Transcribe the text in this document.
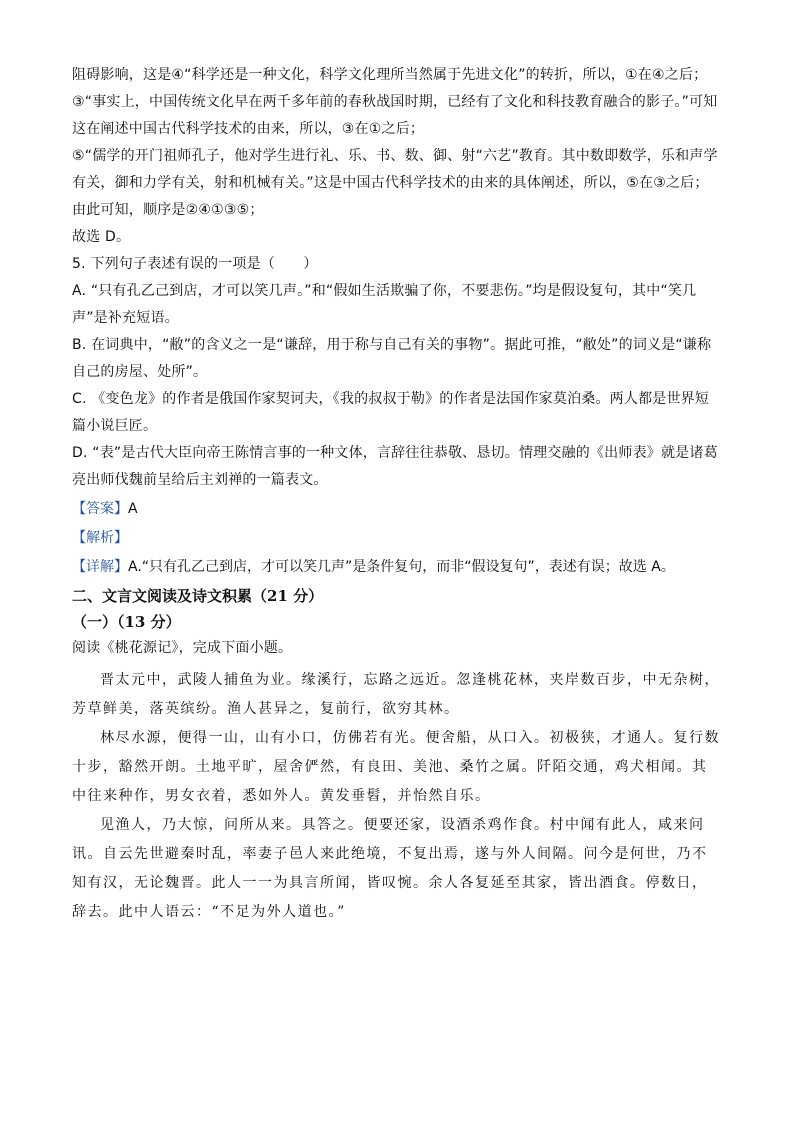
阻碍影响，这是④“科学还是一种文化，科学文化理所当然属于先进文化”的转折，所以，①在④之后；

③“事实上，中国传统文化早在两千多年前的春秋战国时期，已经有了文化和科技教育融合的影子。”可知这在阐述中国古代科学技术的由来，所以，③在①之后；

⑤“儒学的开门祖师孔子，他对学生进行礼、乐、书、数、御、射“六艺”教育。其中数即数学，乐和声学有关，御和力学有关，射和机械有关。”这是中国古代科学技术的由来的具体阐述，所以，⑤在③之后；由此可知，顺序是②④①③⑤；

故选 D。

5. 下列句子表述有误的一项是（　　）

A. “只有孔乙己到店，才可以笑几声。”和“假如生活欺骗了你，不要悲伤。”均是假设复句，其中“笑几声”是补充短语。

B. 在词典中，“敝”的含义之一是“谦辞，用于称与自己有关的事物”。据此可推，“敝处”的词义是“谦称自己的房屋、处所”。

C. 《变色龙》的作者是俄国作家契诃夫，《我的叔叔于勒》的作者是法国作家莫泊桑。两人都是世界短篇小说巨匠。

D. “表”是古代大臣向帝王陈情言事的一种文体，言辞往往恭敬、恳切。情理交融的《出师表》就是诸葛亮出师伐魏前呈给后主刘禅的一篇表文。

【答案】A

【解析】

【详解】A.“只有孔乙己到店，才可以笑几声”是条件复句，而非“假设复句”，表述有误；故选 A。

二、文言文阅读及诗文积累（21 分）

（一）（13 分）

阅读《桃花源记》，完成下面小题。

晋太元中，武陵人捕鱼为业。缘溪行，忘路之远近。忽逢桃花林，夹岸数百步，中无杂树，芳草鲜美，落英缤纷。渔人甚异之，复前行，欲穷其林。

林尽水源，便得一山，山有小口，仿佛若有光。便舍船，从口入。初极狭，才通人。复行数十步，豁然开朗。土地平旷，屋舍俨然，有良田、美池、桑竹之属。阡陌交通，鸡犬相闻。其中往来种作，男女衣着，悉如外人。黄发垂髫，并怡然自乐。

见渔人，乃大惊，问所从来。具答之。便要还家，设酒杀鸡作食。村中闻有此人，咸来问讯。自云先世避秦时乱，率妻子邑人来此绝境，不复出焉，遂与外人间隔。问今是何世，乃不知有汉，无论魏晋。此人一一为具言所闻，皆叹惋。余人各复延至其家，皆出酒食。停数日，辞去。此中人语云：“不足为外人道也。”
